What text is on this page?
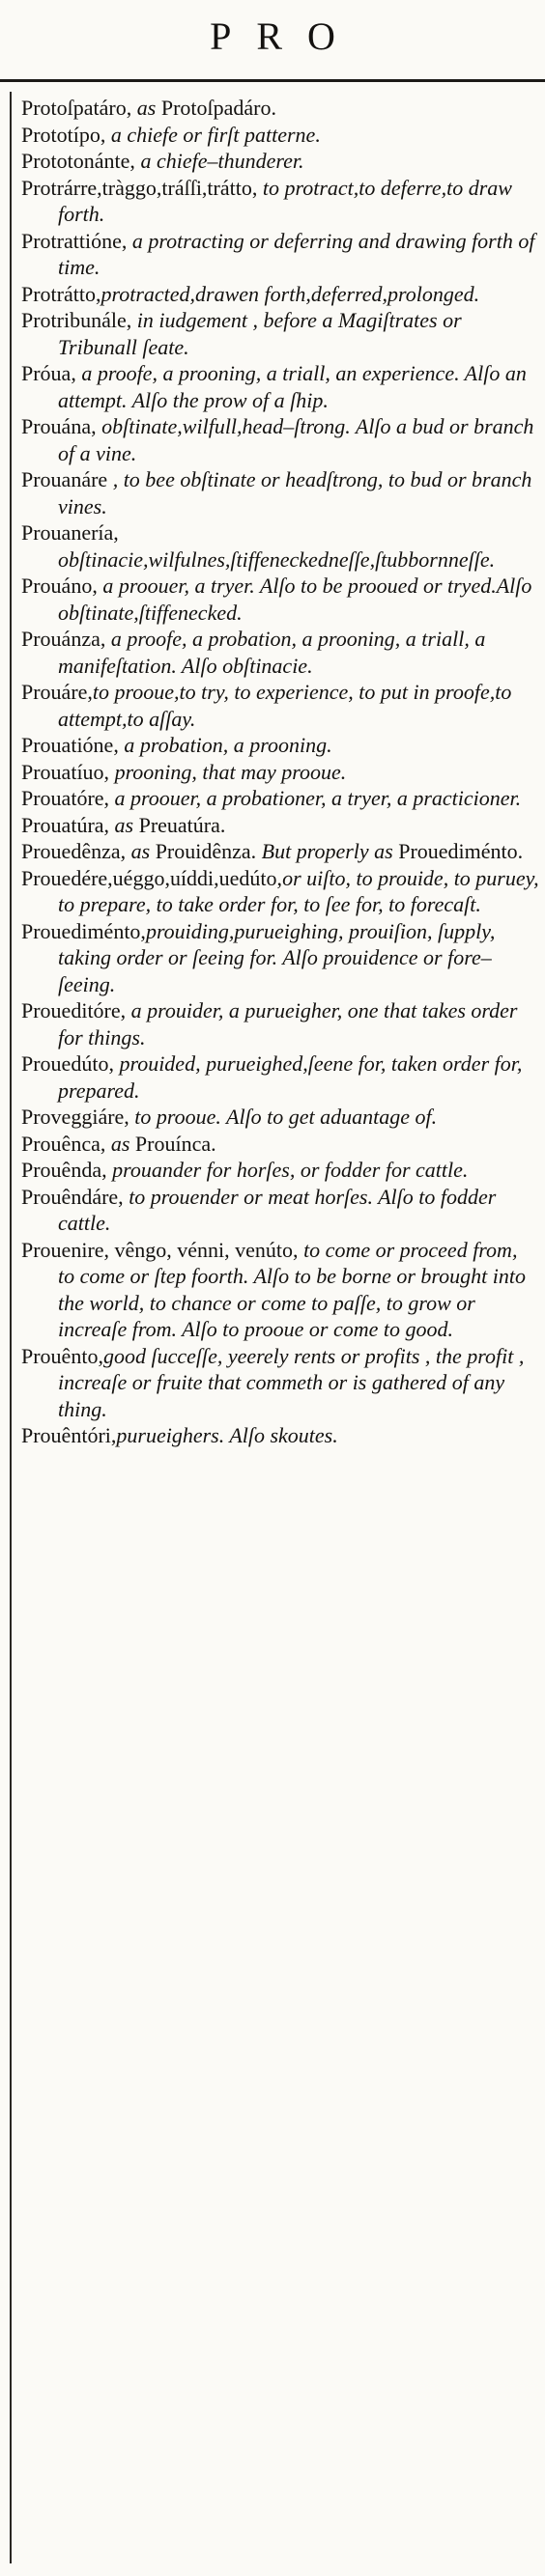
PRO

Protoſpatáro, as Protoſpadáro.

Prototípo, a chiefe or firſt patterne.

Prototonánte, a chiefe–thunderer.

Protrárre,tràggo,tráſſi,trátto, to protract,to deferre,to draw forth.

Protrattióne, a protracting or deferring and drawing forth of time.

Protrátto,protracted,drawen forth,deferred,prolonged.

Protribunále, in iudgement , before a Magiſtrates or Tribunall ſeate.

Próua, a proofe, a prooning, a triall, an experience. Alſo an attempt. Alſo the prow of a ſhip.

Prouána, obſtinate,wilfull,head–ſtrong. Alſo a bud or branch of a vine.

Prouanáre , to bee obſtinate or headſtrong, to bud or branch vines.

Prouanería, obſtinacie,wilfulnes,ſtiffeneckedneſſe,ſtubbornneſſe.

Prouáno, a proouer, a tryer. Alſo to be prooued or tryed.Alſo obſtinate,ſtiffenecked.

Prouánza, a proofe, a probation, a prooning, a triall, a manifeſtation. Alſo obſtinacie.

Prouáre,to prooue,to try, to experience, to put in proofe,to attempt,to aſſay.

Prouatióne, a probation, a prooning.

Prouatíuo, prooning, that may prooue.

Prouatóre, a proouer, a probationer, a tryer, a practicioner.

Prouatúra, as Preuatúra.

Prouedênza, as Prouidênza. But properly as Prouediménto.

Prouedére,uéggo,uíddi,uedúto,or uiſto, to prouide, to puruey, to prepare, to take order for, to ſee for, to forecaſt.

Prouediménto,prouiding,purueighing, prouiſion, ſupply, taking order or ſeeing for. Alſo prouidence or fore–ſeeing.

Proueditóre, a prouider, a purueigher, one that takes order for things.

Prouedúto, prouided, purueighed,ſeene for, taken order for, prepared.

Proveggiáre, to prooue. Alſo to get aduantage of.

Prouênca, as Prouínca.

Prouênda, prouander for horſes, or fodder for cattle.

Prouêndáre, to prouender or meat horſes. Alſo to fodder cattle.

Prouenire, vêngo, vénni, venúto, to come or proceed from, to come or ſtep foorth. Alſo to be borne or brought into the world, to chance or come to paſſe, to grow or increaſe from. Alſo to prooue or come to good.

Prouênto,good ſucceſſe, yeerely rents or profits , the profit , increaſe or fruite that commeth or is gathered of any thing.

Prouêntóri,purueighers. Alſo skoutes.
